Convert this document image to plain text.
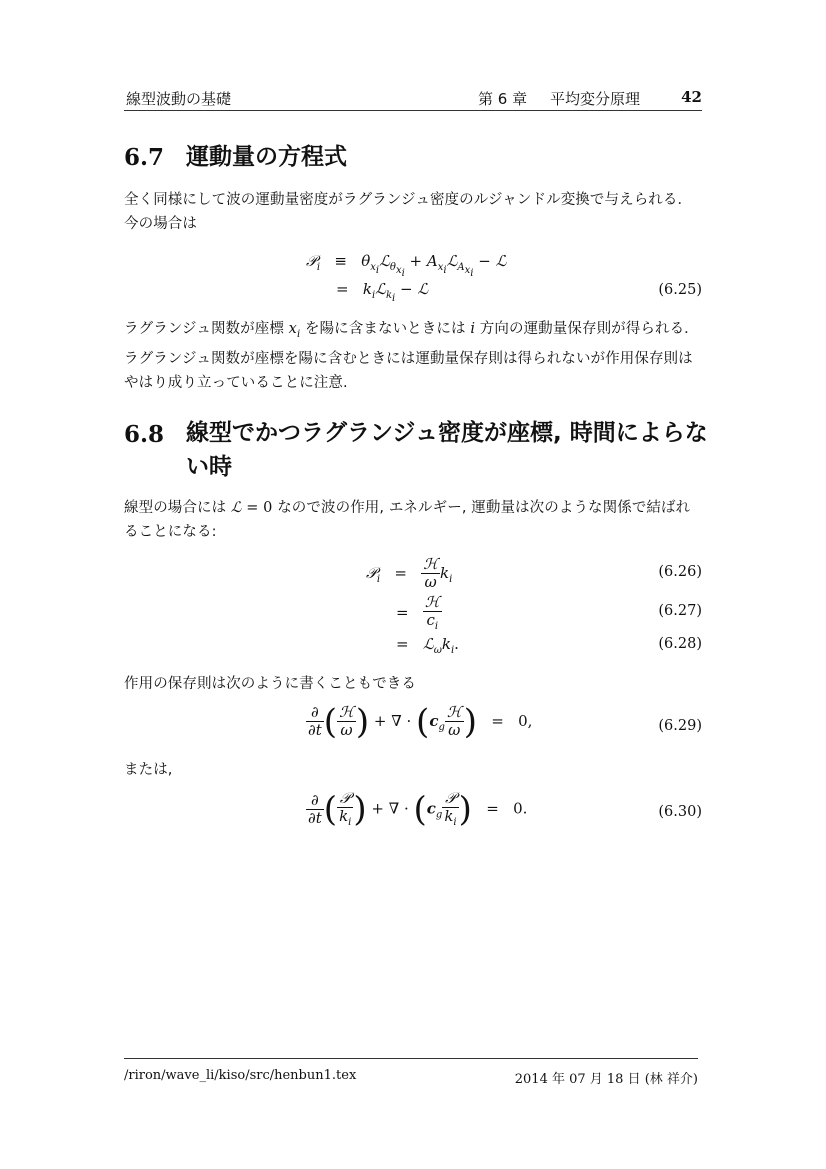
線型波動の基礎	第 6 章 平均変分原理	42
6.7 運動量の方程式
全く同様にして波の運動量密度がラグランジュ密度のルジャンドル変換で与えられる．今の場合は
𝒫$_i$   ≡   $\theta_{x_i}ℒ_{\theta_{x_i}}$ + $A_{x_i}ℒ_{A_{x_i}}$ − ℒ
=   $k_iℒ_{k_i}$ − ℒ	(6.25)
ラグランジュ関数が座標 $x_i$ を陽に含まないときには i 方向の運動量保存則が得られる．ラグランジュ関数が座標を陽に含むときには運動量保存則は得られないが作用保存則はやはり成り立っていることに注意.
6.8 線型でかつラグランジュ密度が座標, 時間によらな
い時
線型の場合には ℒ = 0 なので波の作用, エネルギー, 運動量は次のような関係で結ばれることになる:
𝒫$_i$   = $\frac{\text{ℋ}}{\omega} k_i$	(6.26)
= $\frac{\text{ℋ}}{c_i}$	(6.27)
=   $ℒ_\omega k_i$.	(6.28)
作用の保存則は次のように書くこともできる
$\frac{\partial}{\partial t}$ ( $\frac{\text{ℋ}}{\omega}$ ) + ∇ · ($c_g \frac{\text{ℋ}}{\omega}$ )   =   0,	(6.29)
または,
$\frac{\partial}{\partial t}$ ( $\frac{\text{𝒫}}{k_i}$ ) + ∇ · ($c_g \frac{\text{𝒫}}{k_i}$ )   =   0.	(6.30)
/riron/wave_li/kiso/src/henbun1.tex	2014 年 07 月 18 日 (林 祥介)
